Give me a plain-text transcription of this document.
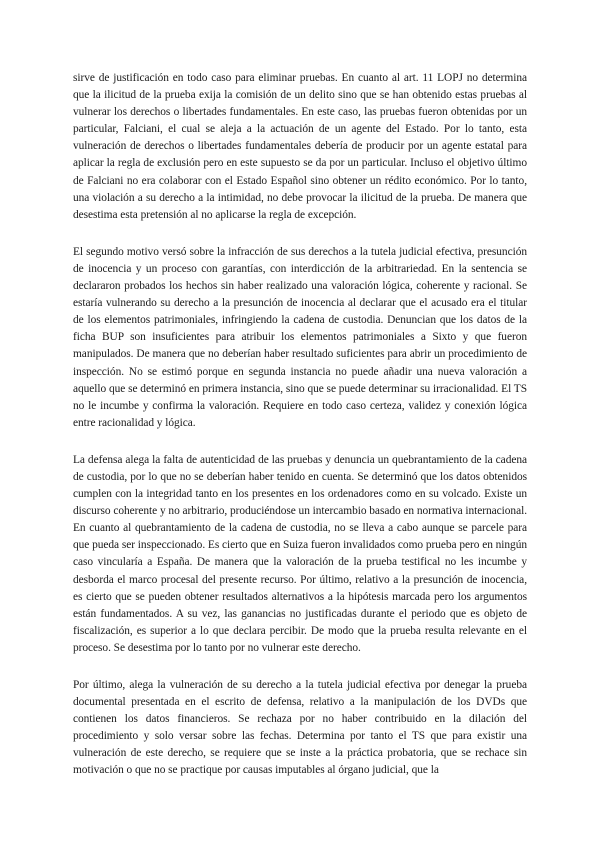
sirve de justificación en todo caso para eliminar pruebas. En cuanto al art. 11 LOPJ no determina que la ilicitud de la prueba exija la comisión de un delito sino que se han obtenido estas pruebas al vulnerar los derechos o libertades fundamentales. En este caso, las pruebas fueron obtenidas por un particular, Falciani, el cual se aleja a la actuación de un agente del Estado. Por lo tanto, esta vulneración de derechos o libertades fundamentales debería de producir por un agente estatal para aplicar la regla de exclusión pero en este supuesto se da por un particular. Incluso el objetivo último de Falciani no era colaborar con el Estado Español sino obtener un rédito económico. Por lo tanto, una violación a su derecho a la intimidad, no debe provocar la ilicitud de la prueba. De manera que desestima esta pretensión al no aplicarse la regla de excepción.

El segundo motivo versó sobre la infracción de sus derechos a la tutela judicial efectiva, presunción de inocencia y un proceso con garantías, con interdicción de la arbitrariedad. En la sentencia se declararon probados los hechos sin haber realizado una valoración lógica, coherente y racional. Se estaría vulnerando su derecho a la presunción de inocencia al declarar que el acusado era el titular de los elementos patrimoniales, infringiendo la cadena de custodia. Denuncian que los datos de la ficha BUP son insuficientes para atribuir los elementos patrimoniales a Sixto y que fueron manipulados. De manera que no deberían haber resultado suficientes para abrir un procedimiento de inspección. No se estimó porque en segunda instancia no puede añadir una nueva valoración a aquello que se determinó en primera instancia, sino que se puede determinar su irracionalidad. El TS no le incumbe y confirma la valoración. Requiere en todo caso certeza, validez y conexión lógica entre racionalidad y lógica.

La defensa alega la falta de autenticidad de las pruebas y denuncia un quebrantamiento de la cadena de custodia, por lo que no se deberían haber tenido en cuenta. Se determinó que los datos obtenidos cumplen con la integridad tanto en los presentes en los ordenadores como en su volcado. Existe un discurso coherente y no arbitrario, produciéndose un intercambio basado en normativa internacional. En cuanto al quebrantamiento de la cadena de custodia, no se lleva a cabo aunque se parcele para que pueda ser inspeccionado. Es cierto que en Suiza fueron invalidados como prueba pero en ningún caso vincularía a España. De manera que la valoración de la prueba testifical no les incumbe y desborda el marco procesal del presente recurso. Por último, relativo a la presunción de inocencia, es cierto que se pueden obtener resultados alternativos a la hipótesis marcada pero los argumentos están fundamentados. A su vez, las ganancias no justificadas durante el periodo que es objeto de fiscalización, es superior a lo que declara percibir. De modo que la prueba resulta relevante en el proceso. Se desestima por lo tanto por no vulnerar este derecho.

Por último, alega la vulneración de su derecho a la tutela judicial efectiva por denegar la prueba documental presentada en el escrito de defensa, relativo a la manipulación de los DVDs que contienen los datos financieros. Se rechaza por no haber contribuido en la dilación del procedimiento y solo versar sobre las fechas. Determina por tanto el TS que para existir una vulneración de este derecho, se requiere que se inste a la práctica probatoria, que se rechace sin motivación o que no se practique por causas imputables al órgano judicial, que la
